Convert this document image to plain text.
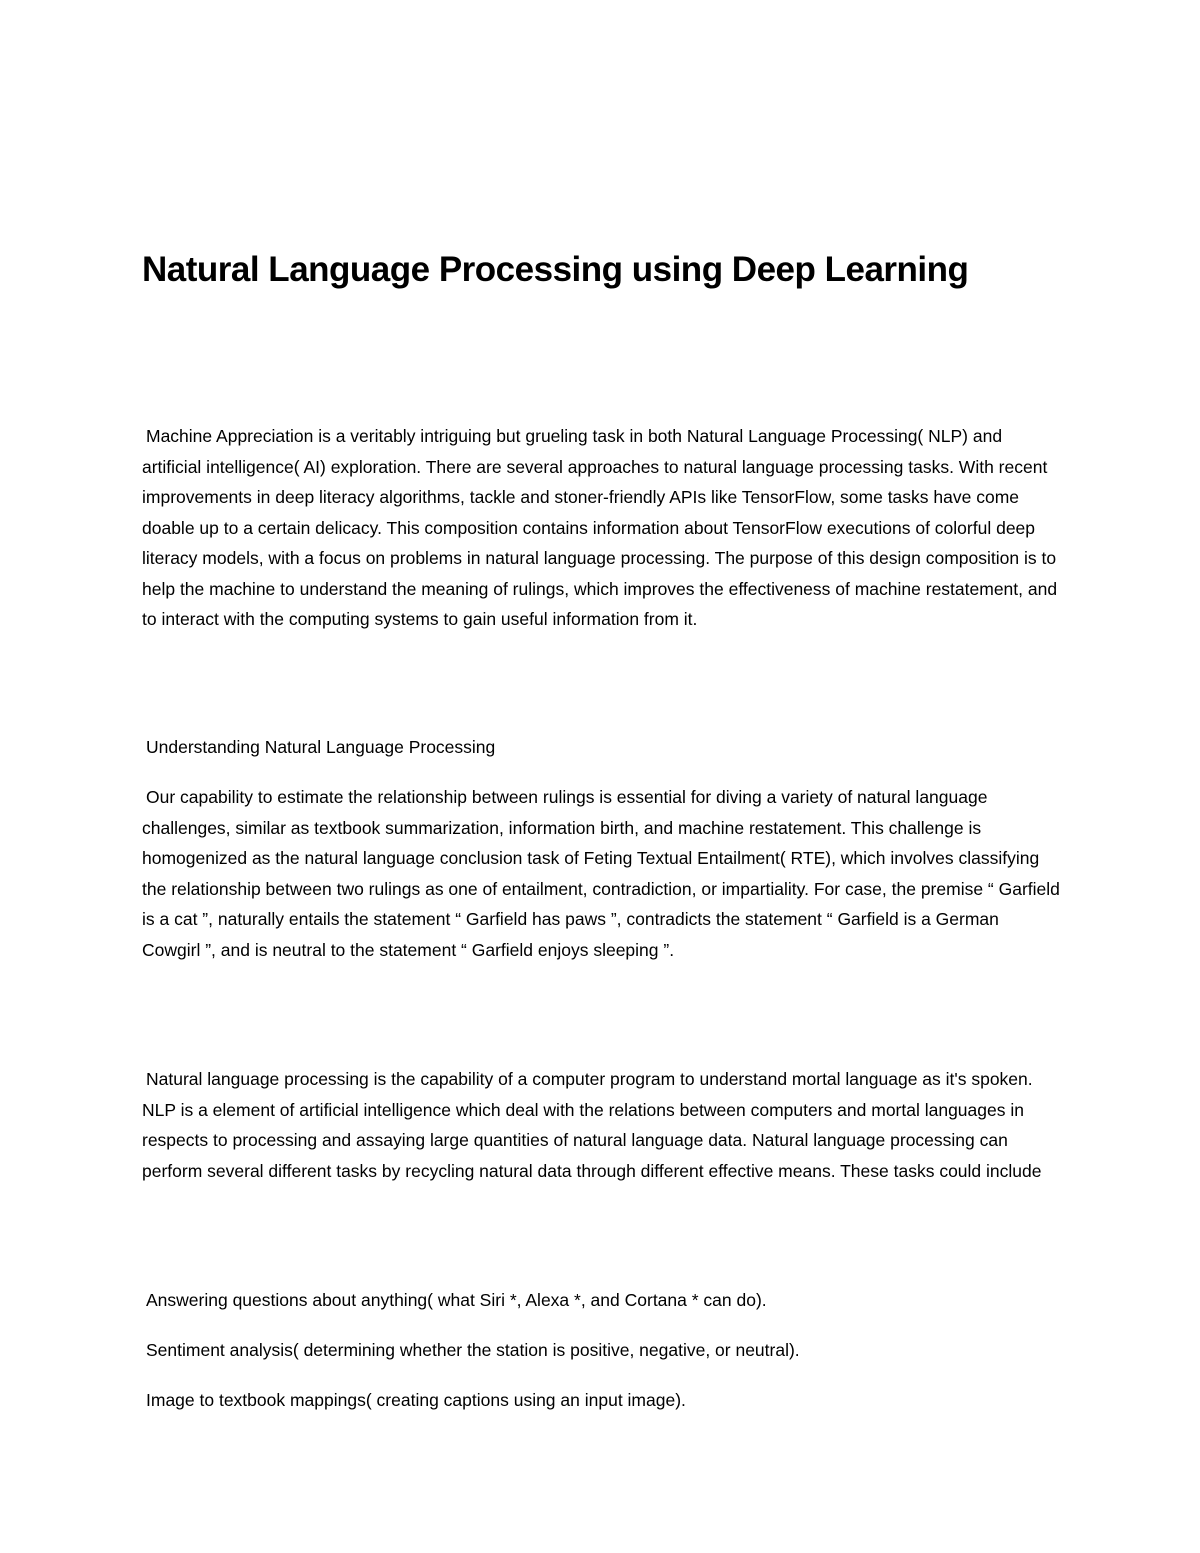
Natural Language Processing using Deep Learning

Machine Appreciation is a veritably intriguing but grueling task in both Natural Language Processing( NLP) and artificial intelligence( AI) exploration. There are several approaches to natural language processing tasks. With recent improvements in deep literacy algorithms, tackle and stoner-friendly APIs like TensorFlow, some tasks have come doable up to a certain delicacy. This composition contains information about TensorFlow executions of colorful deep literacy models, with a focus on problems in natural language processing. The purpose of this design composition is to help the machine to understand the meaning of rulings, which improves the effectiveness of machine restatement, and to interact with the computing systems to gain useful information from it.

Understanding Natural Language Processing

Our capability to estimate the relationship between rulings is essential for diving a variety of natural language challenges, similar as textbook summarization, information birth, and machine restatement. This challenge is homogenized as the natural language conclusion task of Feting Textual Entailment( RTE), which involves classifying the relationship between two rulings as one of entailment, contradiction, or impartiality. For case, the premise “ Garfield is a cat ”, naturally entails the statement “ Garfield has paws ”, contradicts the statement “ Garfield is a German Cowgirl ”, and is neutral to the statement “ Garfield enjoys sleeping ”.

Natural language processing is the capability of a computer program to understand mortal language as it's spoken. NLP is a element of artificial intelligence which deal with the relations between computers and mortal languages in respects to processing and assaying large quantities of natural language data. Natural language processing can perform several different tasks by recycling natural data through different effective means. These tasks could include

Answering questions about anything( what Siri *, Alexa *, and Cortana * can do).

Sentiment analysis( determining whether the station is positive, negative, or neutral).

Image to textbook mappings( creating captions using an input image).
